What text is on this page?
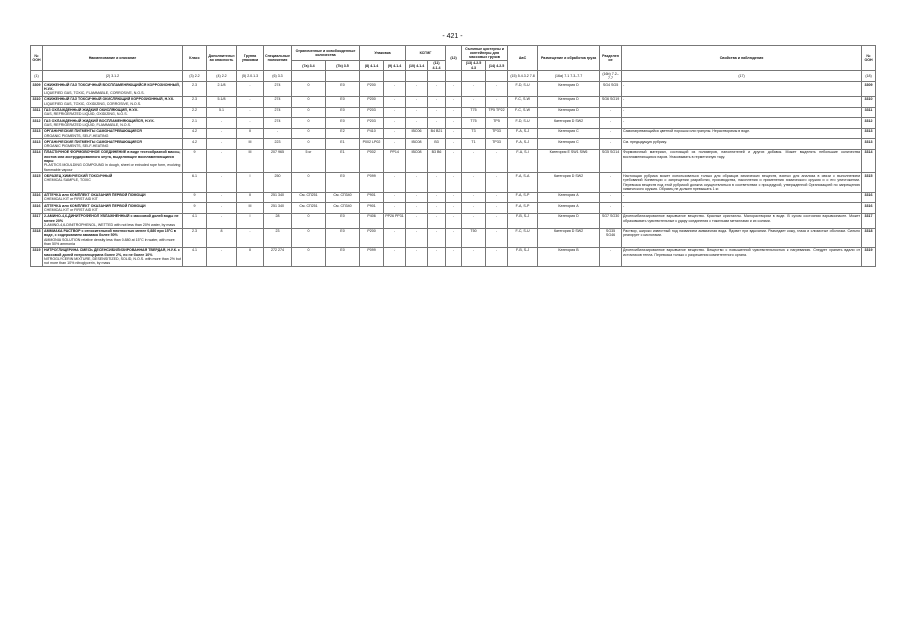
- 421 -
№ ООН	Наименование и описание	Класс	Дополнительная опасность	Группа упаковки	Специальные положения	Ограниченные и освобожденные количества		Упаковка		КСГМГ		(12)	Съемные цистерны и контейнеры для массовых грузов		АвС	Размещение и обработка груза	Разделение	Свойства и наблюдения	№ ООН
						(7a) 3.4	(7b) 3.5	(8) 4.1.4	(9) 4.1.4	(10) 4.1.4	(11) 4.1.4		(13) 4.2.5 4.3	(14) 4.2.5					
(1)	(2) 3.1.2	(3) 2.2	(4) 2.2	(5) 2.0.1.3	(6) 3.3										(15) 5.4.3.2 7.8	(16a) 7.1 7.3–7.7	(16b) 7.2–7.7	(17)	(18)
3309	СЖИЖЕННЫЙ ГАЗ ТОКСИЧНЫЙ ВОСПЛАМЕНЯЮЩИЙСЯ КОРРОЗИОННЫЙ, Н.У.К.
LIQUEFIED GAS, TOXIC, FLAMMABLE, CORROSIVE, N.O.S.	2.3	2.1/8	-	274	0	E0	P200	-	-	-	-	-	-	F-D, S-U	Категория D	SG4 SG5	-	3309
3310	СЖИЖЕННЫЙ ГАЗ ТОКСИЧНЫЙ ОКИСЛЯЮЩИЙ КОРРОЗИОННЫЙ, Н.У.К.
LIQUEFIED GAS, TOXIC, OXIDIZING, CORROSIVE, N.O.S.	2.3	5.1/8	-	274	0	E0	P200	-	-	-	-	-	-	F-C, S-W	Категория D	SG6 SG19	-	3310
3311	ГАЗ ОХЛАЖДЕННЫЙ ЖИДКИЙ ОКИСЛЯЮЩИЙ, Н.У.К.
GAS, REFRIGERATED LIQUID, OXIDIZING, N.O.S.	2.2	5.1	-	274	0	E0	P203	-	-	-	-	T75	TP5 TP22	F-C, S-W	Категория D	-	-	3311
3312	ГАЗ ОХЛАЖДЕННЫЙ ЖИДКИЙ ВОСПЛАМЕНЯЮЩИЙСЯ, Н.У.К.
GAS, REFRIGERATED LIQUID, FLAMMABLE, N.O.S.	2.1	-	-	274	0	E0	P203	-	-	-	-	T75	TP5	F-D, S-U	Категория D SW2	-	-	3312
3313	ОРГАНИЧЕСКИЕ ПИГМЕНТЫ САМОНАГРЕВАЮЩИЕСЯ
ORGANIC PIGMENTS, SELF-HEATING	4.2	-	II	-	0	E2	P410	-	IBC06	B4 B21	-	T3	TP33	F-A, S-J	Категория C	-	Самонагревающийся цветной порошок или гранулы. Нерастворимы в воде.	3313
3313	ОРГАНИЧЕСКИЕ ПИГМЕНТЫ САМОНАГРЕВАЮЩИЕСЯ
ORGANIC PIGMENTS, SELF-HEATING	4.2	-	III	223	0	E1	P002 LP02	-	IBC08	B3	-	T1	TP33	F-A, S-J	Категория C	-	См. предыдущую рубрику.	3313
3314	ПЛАСТИЧНОЕ ФОРМОВОЧНОЕ СОЕДИНЕНИЕ в виде тестообразной массы, листов или экструдированного жгута, выделяющее воспламеняющиеся пары
PLASTICS MOULDING COMPOUND in dough, sheet or extruded rope form, evolving flammable vapour	9	-	III	207 965	5 кг	E1	P002	PP14	IBC08	B3 B6	-	-	-	F-A, S-I	Категория E SW1 SW6	SG5 SG14	Формовочный материал, состоящий из полимеров, наполнителей и других добавок. Может выделять небольшие количества воспламеняющихся паров. Упаковывать в герметичную тару.	3314
3315	ОБРАЗЕЦ ХИМИЧЕСКИЙ ТОКСИЧНЫЙ
CHEMICAL SAMPLE, TOXIC	6.1	-	I	250	0	E0	P099	-	-	-	-	-	-	F-A, S-A	Категория D SW2	-	Настоящая рубрика может использоваться только для образцов химических веществ, взятых для анализа в связи с выполнением требований Конвенции о запрещении разработки, производства, накопления и применения химического оружия и о его уничтожении. Перевозка веществ под этой рубрикой должна осуществляться в соответствии с процедурой, утвержденной Организацией по запрещению химического оружия. Образец не должен превышать 1 кг.	3315
3316	АПТЕЧКА или КОМПЛЕКТ ОКАЗАНИЯ ПЕРВОЙ ПОМОЩИ
CHEMICAL KIT or FIRST AID KIT	9	-	II	251 340	См. СП251	См. СП340	P901	-	-	-	-	-	-	F-A, S-P	Категория A	-	-	3316
3316	АПТЕЧКА или КОМПЛЕКТ ОКАЗАНИЯ ПЕРВОЙ ПОМОЩИ
CHEMICAL KIT or FIRST AID KIT	9	-	III	251 340	См. СП251	См. СП340	P901	-	-	-	-	-	-	F-A, S-P	Категория A	-	-	3316
3317	2-АМИНО-4,6-ДИНИТРОФЕНОЛ УВЛАЖНЕННЫЙ с массовой долей воды не менее 20%
2-AMINO-4,6-DINITROPHENOL, WETTED with not less than 20% water, by mass	4.1	-	I	28	0	E0	P406	PP26 PP31	-	-	-	-	-	F-B, S-J	Категория D	SG7 SG30	Десенсибилизированное взрывчатое вещество. Красные кристаллы. Малорастворим в воде. В сухом состоянии взрывоопасен. Может образовывать чувствительные к удару соединения с тяжелыми металлами и их солями.	3317
3318	АММИАКА РАСТВОР с относительной плотностью менее 0,880 при 15°C в воде, с содержанием аммиака более 50%
AMMONIA SOLUTION relative density less than 0.880 at 15°C in water, with more than 50% ammonia	2.3	8	-	23	0	E0	P200	-	-	-	-	T50	-	F-C, S-U	Категория D SW2	SG35 SG46	Раствор, широко известный под названием аммиачная вода. Ядовит при вдыхании. Разъедает кожу, глаза и слизистые оболочки. Сильно реагирует с кислотами.	3318
3319	НИТРОГЛИЦЕРИНА СМЕСЬ ДЕСЕНСИБИЛИЗИРОВАННАЯ ТВЕРДАЯ, Н.У.К. с массовой долей нитроглицерина более 2%, но не более 10%
NITROGLYCERIN MIXTURE, DESENSITIZED, SOLID, N.O.S. with more than 2% but not more than 10% nitroglycerin, by mass	4.1	-	II	272 274	0	E0	P099	-	-	-	-	-	-	F-B, S-J	Категория B	-	Десенсибилизированное взрывчатое вещество. Вещество с повышенной чувствительностью к нагреванию. Следует хранить вдали от источников тепла. Перевозка только с разрешения компетентного органа.	3319
